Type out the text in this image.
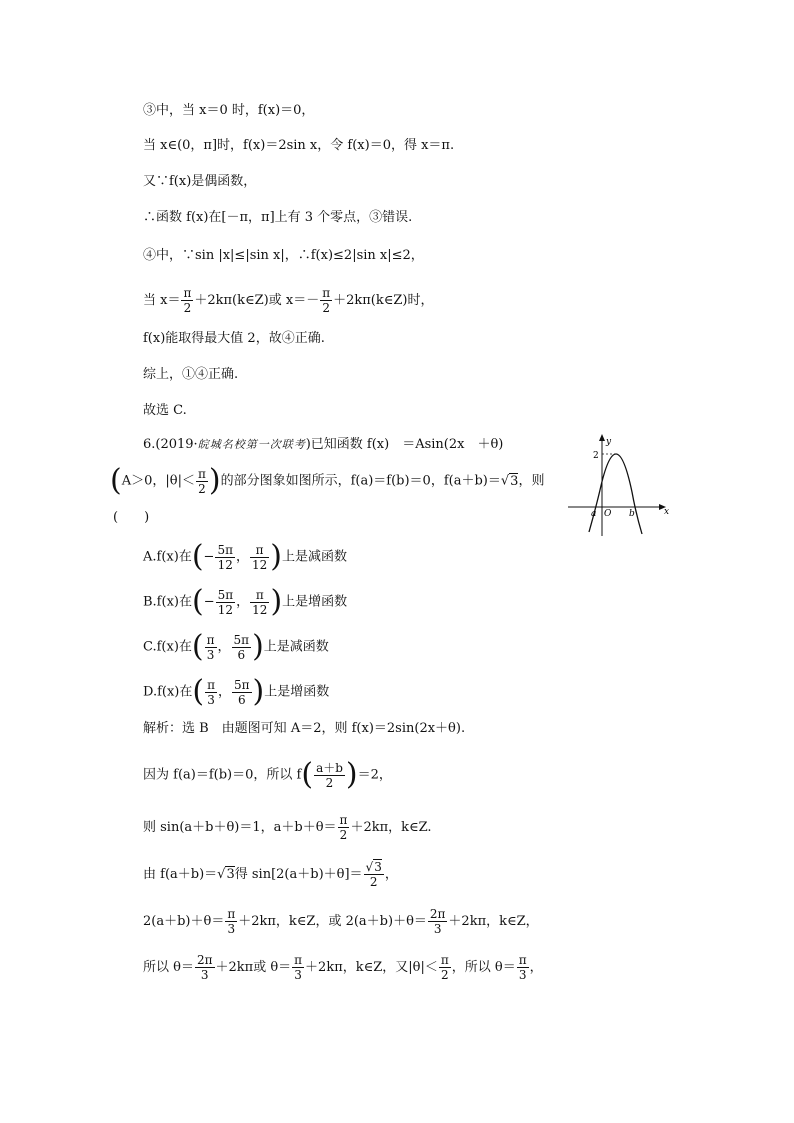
③中，当 x＝0 时，f(x)＝0，
当 x∈(0，π]时，f(x)＝2sin x，令 f(x)＝0，得 x＝π.
又∵f(x)是偶函数，
∴函数 f(x)在[－π，π]上有 3 个零点，③错误.
④中，∵sin |x|≤|sin x|，∴f(x)≤2|sin x|≤2，
当 $x= \frac{\pi}{2}$ ＋2kπ(k∈Z)或 $x=- \frac{\pi}{2}$ ＋2kπ(k∈Z)时，
f(x)能取得最大值 2，故④正确.
综上，①④正确.
故选 C.
6.(2019·皖城名校第一次联考)已知函数 f(x)　＝Asin(2x　＋θ)
(A＞0，$|\theta|< \frac{\pi}{2}$ )的部分图象如图所示，f(a)＝f(b)＝0，f(a＋b)＝√3，则
(　　)
A.f(x)在(− $\frac{5\pi}{12}$ ， $\frac{\pi}{12}$ )上是减函数
B.f(x)在(− $\frac{5\pi}{12}$ ， $\frac{\pi}{12}$ )上是增函数
C.f(x)在( $\frac{\pi}{3}$ ， $\frac{5\pi}{6}$ )上是减函数
D.f(x)在( $\frac{\pi}{3}$ ， $\frac{5\pi}{6}$ )上是增函数
解析：选 B　由题图可知 A＝2，则 f(x)＝2sin(2x＋θ).
因为 f(a)＝f(b)＝0，所以 $f( \frac{a+b}{2} )=2$，
则 sin(a＋b＋θ)＝1，$a+b+\theta= \frac{\pi}{2} +2k\pi$，k∈Z.
由 f(a＋b)＝√3得 $\sin[2(a+b)+\theta]= \frac{√3}{2}$ ，
$2(a+b)+\theta= \frac{\pi}{3} +2k\pi$，k∈Z，或 $2(a+b)+\theta= \frac{2\pi}{3} +2k\pi$，k∈Z，
所以 $\theta= \frac{2\pi}{3} +2k\pi$或 $\theta= \frac{\pi}{3} +2k\pi$，k∈Z，又$|\theta|< \frac{\pi}{2}$ ，所以 $\theta= \frac{\pi}{3}$ ，
y
x
2
a O b
